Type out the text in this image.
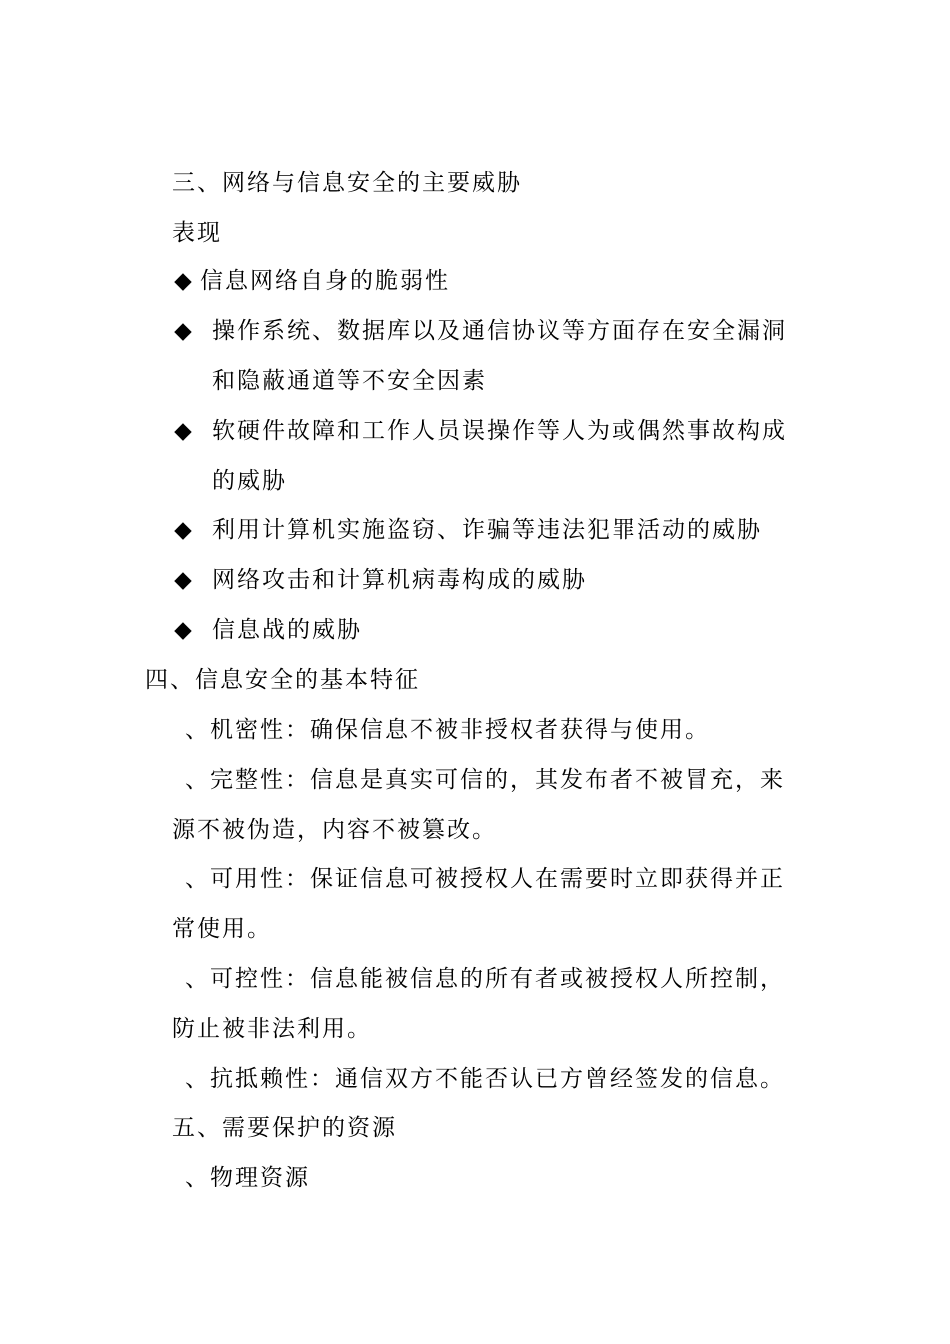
三、网络与信息安全的主要威胁
表现
◆ 信息网络自身的脆弱性
◆ 操作系统、数据库以及通信协议等方面存在安全漏洞
和隐蔽通道等不安全因素
◆ 软硬件故障和工作人员误操作等人为或偶然事故构成
的威胁
◆ 利用计算机实施盗窃、诈骗等违法犯罪活动的威胁
◆ 网络攻击和计算机病毒构成的威胁
◆ 信息战的威胁
四、信息安全的基本特征
、机密性：确保信息不被非授权者获得与使用。
、完整性：信息是真实可信的，其发布者不被冒充，来
源不被伪造，内容不被篡改。
、可用性：保证信息可被授权人在需要时立即获得并正
常使用。
、可控性：信息能被信息的所有者或被授权人所控制，
防止被非法利用。
、抗抵赖性：通信双方不能否认已方曾经签发的信息。
五、需要保护的资源
、物理资源
